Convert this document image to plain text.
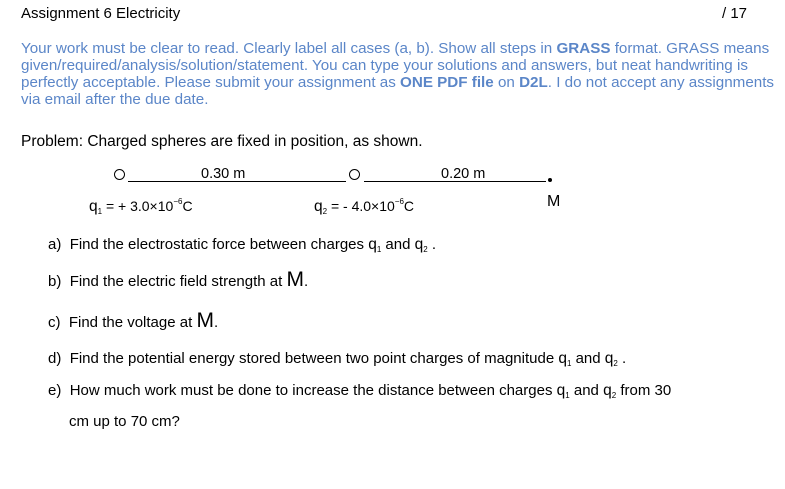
Assignment 6 Electricity	/ 17
Your work must be clear to read. Clearly label all cases (a, b). Show all steps in GRASS format. GRASS means given/required/analysis/solution/statement. You can type your solutions and answers, but neat handwriting is perfectly acceptable. Please submit your assignment as ONE PDF file on D2L. I do not accept any assignments via email after the due date.
Problem: Charged spheres are fixed in position, as shown.
0.30 m	0.20 m
$q_1$ = + $3.0\times 10^{-6}C$	$q_2$ = - $4.0\times 10^{-6}C$	M
a) Find the electrostatic force between charges $q_1$ and $q_2$ .
b) Find the electric field strength at M.
c) Find the voltage at M.
d) Find the potential energy stored between two point charges of magnitude $q_1$ and $q_2$ .
e) How much work must be done to increase the distance between charges $q_1$ and $q_2$ from 30
cm up to 70 cm?
